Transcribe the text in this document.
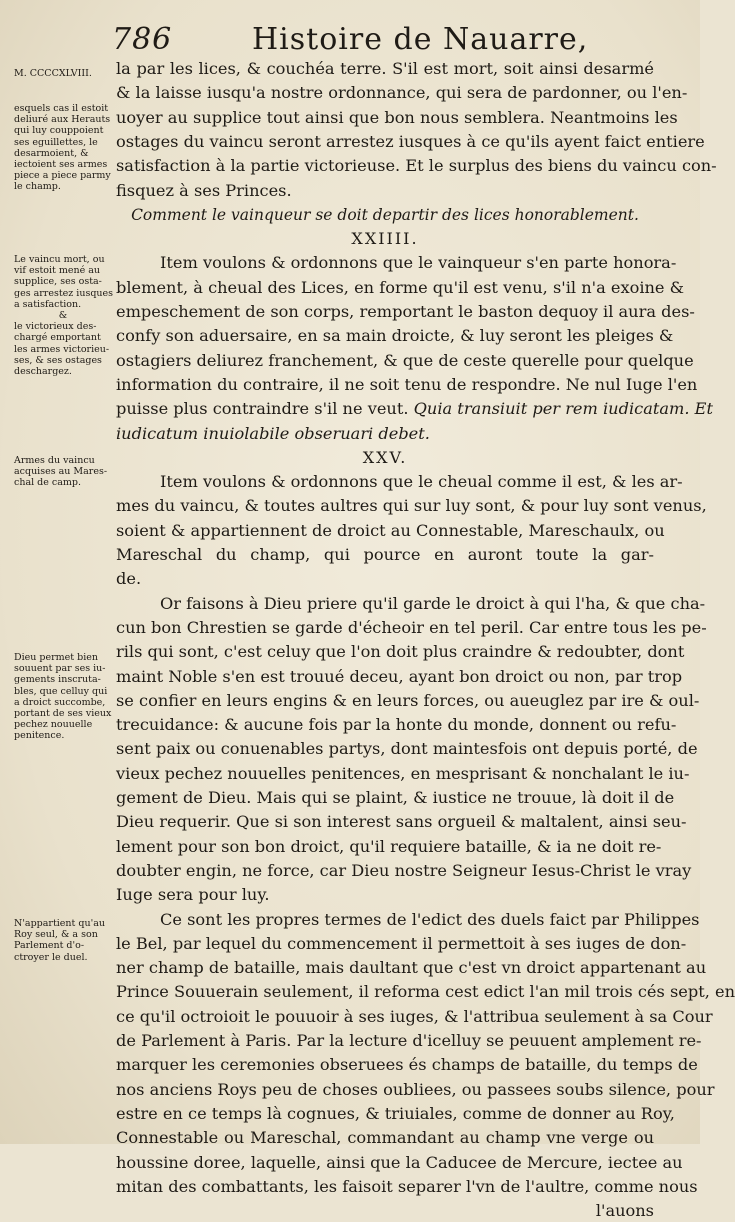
786	Histoire de Nauarre,
M. CCCCXLVIII.
esquels cas il estoit
deliuré aux Herauts
qui luy couppoient
ses eguillettes, le
desarmoient, &
iectoient ses armes
piece a piece parmy
le champ.
Le vaincu mort, ou
vif estoit mené au
supplice, ses osta-
ges arrestez iusques
a satisfaction.
&
le victorieux des-
chargé emportant
les armes victorieu-
ses, & ses ostages
deschargez.
Armes du vaincu
acquises au Mares-
chal de camp.
Dieu permet bien
souuent par ses iu-
gements inscruta-
bles, que celluy qui
a droict succombe,
portant de ses vieux
pechez nouuelle
penitence.
N'appartient qu'au
Roy seul, & a son
Parlement d'o-
ctroyer le duel.
la par les lices, & couchéa terre. S'il est mort, soit ainsi desarmé
& la laisse iusqu'a nostre ordonnance, qui sera de pardonner, ou l'en-
uoyer au supplice tout ainsi que bon nous semblera. Neantmoins les
ostages du vaincu seront arrestez iusques à ce qu'ils ayent faict entiere
satisfaction à la partie victorieuse. Et le surplus des biens du vaincu con-
fisquez à ses Princes.
Comment le vainqueur se doit departir des lices honorablement.
XXIIII.
Item voulons & ordonnons que le vainqueur s'en parte honora-
blement, à cheual des Lices, en forme qu'il est venu, s'il n'a exoine &
empeschement de son corps, remportant le baston dequoy il aura des-
confy son aduersaire, en sa main droicte, & luy seront les pleiges &
ostagiers deliurez franchement, & que de ceste querelle pour quelque
information du contraire, il ne soit tenu de respondre. Ne nul Iuge l'en
puisse plus contraindre s'il ne veut. Quia transiuit per rem iudicatam. Et
iudicatum inuiolabile obseruari debet.
XXV.
Item voulons & ordonnons que le cheual comme il est, & les ar-
mes du vaincu, & toutes aultres qui sur luy sont, & pour luy sont venus,
soient & appartiennent de droict au Connestable, Mareschaulx, ou
Mareschal du champ, qui pource en auront toute la gar-
de.
Or faisons à Dieu priere qu'il garde le droict à qui l'ha, & que cha-
cun bon Chrestien se garde d'écheoir en tel peril. Car entre tous les pe-
rils qui sont, c'est celuy que l'on doit plus craindre & redoubter, dont
maint Noble s'en est trouué deceu, ayant bon droict ou non, par trop
se confier en leurs engins & en leurs forces, ou aueuglez par ire & oul-
trecuidance: & aucune fois par la honte du monde, donnent ou refu-
sent paix ou conuenables partys, dont maintesfois ont depuis porté, de
vieux pechez nouuelles penitences, en mesprisant & nonchalant le iu-
gement de Dieu. Mais qui se plaint, & iustice ne trouue, là doit il de
Dieu requerir. Que si son interest sans orgueil & maltalent, ainsi seu-
lement pour son bon droict, qu'il requiere bataille, & ia ne doit re-
doubter engin, ne force, car Dieu nostre Seigneur Iesus-Christ le vray
Iuge sera pour luy.
Ce sont les propres termes de l'edict des duels faict par Philippes
le Bel, par lequel du commencement il permettoit à ses iuges de don-
ner champ de bataille, mais daultant que c'est vn droict appartenant au
Prince Souuerain seulement, il reforma cest edict l'an mil trois cés sept, en
ce qu'il octroioit le pouuoir à ses iuges, & l'attribua seulement à sa Cour
de Parlement à Paris. Par la lecture d'icelluy se peuuent amplement re-
marquer les ceremonies obseruees és champs de bataille, du temps de
nos anciens Roys peu de choses oubliees, ou passees soubs silence, pour
estre en ce temps là cognues, & triuiales, comme de donner au Roy,
Connestable ou Mareschal, commandant au champ vne verge ou
houssine doree, laquelle, ainsi que la Caducee de Mercure, iectee au
mitan des combattants, les faisoit separer l'vn de l'aultre, comme nous
l'auons
